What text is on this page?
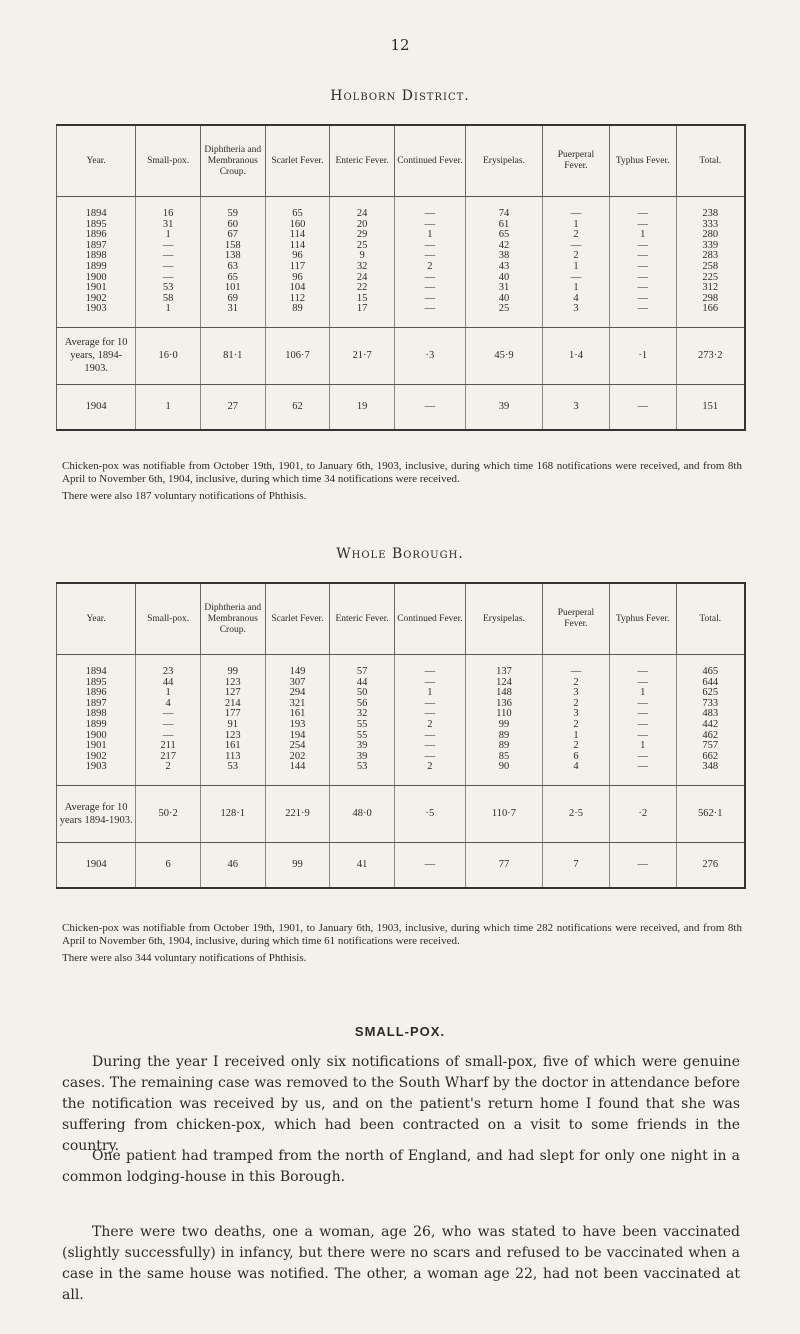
12
Holborn District.
Year.	Small-pox.	Diphtheria and Membranous Croup.	Scarlet Fever.	Enteric Fever.	Continued Fever.	Erysipelas.	Puerperal Fever.	Typhus Fever.	Total.
1894	16	59	65	24	—	74	—	—	238
1895	31	60	160	20	—	61	1	—	333
1896	1	67	114	29	1	65	2	1	280
1897	—	158	114	25	—	42	—	—	339
1898	—	138	96	9	—	38	2	—	283
1899	—	63	117	32	2	43	1	—	258
1900	—	65	96	24	—	40	—	—	225
1901	53	101	104	22	—	31	1	—	312
1902	58	69	112	15	—	40	4	—	298
1903	1	31	89	17	—	25	3	—	166
Average for 10 years, 1894-1903.	16·0	81·1	106·7	21·7	·3	45·9	1·4	·1	273·2
1904	1	27	62	19	—	39	3	—	151
Chicken-pox was notifiable from October 19th, 1901, to January 6th, 1903, inclusive, during which time 168 notifications were received, and from 8th April to November 6th, 1904, inclusive, during which time 34 notifications were received.
There were also 187 voluntary notifications of Phthisis.
Whole Borough.
Year.	Small-pox.	Diphtheria and Membranous Croup.	Scarlet Fever.	Enteric Fever.	Continued Fever.	Erysipelas.	Puerperal Fever.	Typhus Fever.	Total.
1894	23	99	149	57	—	137	—	—	465
1895	44	123	307	44	—	124	2	—	644
1896	1	127	294	50	1	148	3	1	625
1897	4	214	321	56	—	136	2	—	733
1898	—	177	161	32	—	110	3	—	483
1899	—	91	193	55	2	99	2	—	442
1900	—	123	194	55	—	89	1	—	462
1901	211	161	254	39	—	89	2	1	757
1902	217	113	202	39	—	85	6	—	662
1903	2	53	144	53	2	90	4	—	348
Average for 10 years 1894-1903.	50·2	128·1	221·9	48·0	·5	110·7	2·5	·2	562·1
1904	6	46	99	41	—	77	7	—	276
Chicken-pox was notifiable from October 19th, 1901, to January 6th, 1903, inclusive, during which time 282 notifications were received, and from 8th April to November 6th, 1904, inclusive, during which time 61 notifications were received.
There were also 344 voluntary notifications of Phthisis.
SMALL-POX.
During the year I received only six notifications of small-pox, five of which were genuine cases. The remaining case was removed to the South Wharf by the doctor in attendance before the notification was received by us, and on the patient's return home I found that she was suffering from chicken-pox, which had been contracted on a visit to some friends in the country.
One patient had tramped from the north of England, and had slept for only one night in a common lodging-house in this Borough.
There were two deaths, one a woman, age 26, who was stated to have been vaccinated (slightly successfully) in infancy, but there were no scars and refused to be vaccinated when a case in the same house was notified. The other, a woman age 22, had not been vaccinated at all.
